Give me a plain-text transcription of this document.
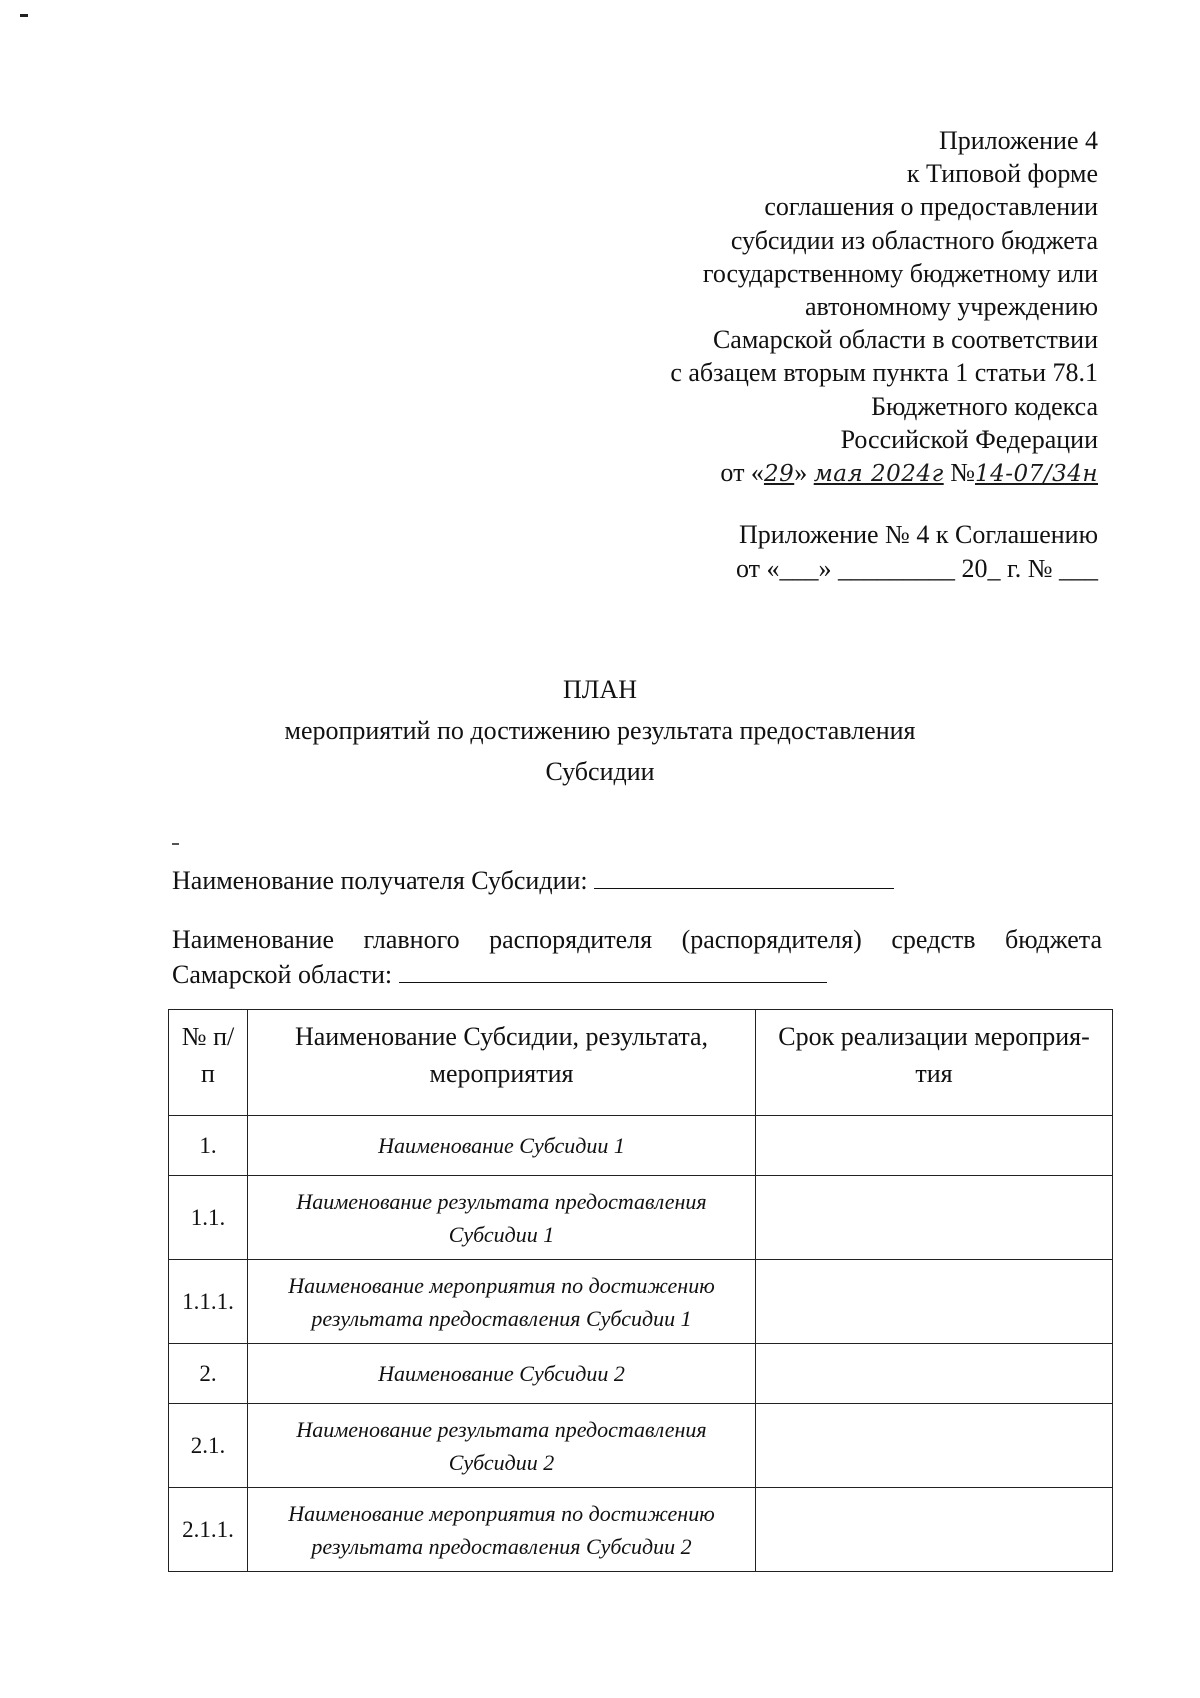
Приложение 4
к Типовой форме
соглашения о предоставлении
субсидии из областного бюджета
государственному бюджетному или
автономному учреждению
Самарской области в соответствии
с абзацем вторым пункта 1 статьи 78.1
Бюджетного кодекса
Российской Федерации
от «29» мая 2024г №14-07/34н
Приложение № 4 к Соглашению
от «___» _________ 20_ г. № ___
ПЛАН
мероприятий по достижению результата предоставления
Субсидии
Наименование получателя Субсидии:
Наименование главного распорядителя (распорядителя) средств бюджета Самарской области:
№ п/п	Наименование Субсидии, результата, мероприятия	Срок реализации мероприя-тия
1.	Наименование Субсидии 1	
1.1.	Наименование результата предоставления Субсидии 1	
1.1.1.	Наименование мероприятия по достижению результата предоставления Субсидии 1	
2.	Наименование Субсидии 2	
2.1.	Наименование результата предоставления Субсидии 2	
2.1.1.	Наименование мероприятия по достижению результата предоставления Субсидии 2	
